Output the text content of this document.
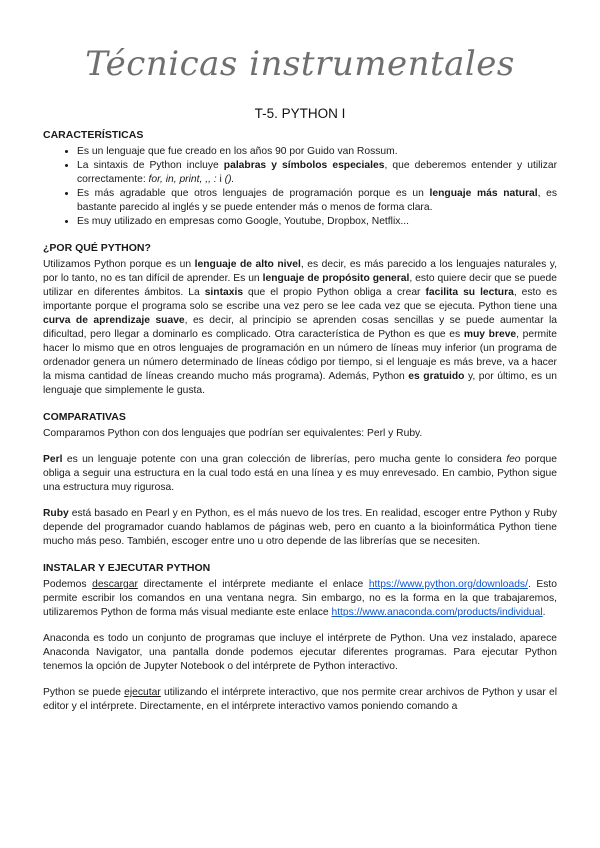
Técnicas instrumentales
T-5. PYTHON I
CARACTERÍSTICAS
• Es un lenguaje que fue creado en los años 90 por Guido van Rossum.
• La sintaxis de Python incluye palabras y símbolos especiales, que deberemos entender y utilizar correctamente: for, in, print, ,, : i ().
• Es más agradable que otros lenguajes de programación porque es un lenguaje más natural, es bastante parecido al inglés y se puede entender más o menos de forma clara.
• Es muy utilizado en empresas como Google, Youtube, Dropbox, Netflix...
¿POR QUÉ PYTHON?

Utilizamos Python porque es un lenguaje de alto nivel, es decir, es más parecido a los lenguajes naturales y, por lo tanto, no es tan difícil de aprender. Es un lenguaje de propósito general, esto quiere decir que se puede utilizar en diferentes ámbitos. La sintaxis que el propio Python obliga a crear facilita su lectura, esto es importante porque el programa solo se escribe una vez pero se lee cada vez que se ejecuta. Python tiene una curva de aprendizaje suave, es decir, al principio se aprenden cosas sencillas y se puede aumentar la dificultad, pero llegar a dominarlo es complicado. Otra característica de Python es que es muy breve, permite hacer lo mismo que en otros lenguajes de programación en un número de líneas muy inferior (un programa de ordenador genera un número determinado de líneas código por tiempo, si el lenguaje es más breve, va a hacer la misma cantidad de líneas creando mucho más programa). Además, Python es gratuido y, por último, es un lenguaje que simplemente le gusta.

COMPARATIVAS

Comparamos Python con dos lenguajes que podrían ser equivalentes: Perl y Ruby.

Perl es un lenguaje potente con una gran colección de librerías, pero mucha gente lo considera feo porque obliga a seguir una estructura en la cual todo está en una línea y es muy enrevesado. En cambio, Python sigue una estructura muy rigurosa.

Ruby está basado en Pearl y en Python, es el más nuevo de los tres. En realidad, escoger entre Python y Ruby depende del programador cuando hablamos de páginas web, pero en cuanto a la bioinformática Python tiene mucho más peso. También, escoger entre uno u otro depende de las librerías que se necesiten.

INSTALAR Y EJECUTAR PYTHON

Podemos descargar directamente el intérprete mediante el enlace https://www.python.org/downloads/. Esto permite escribir los comandos en una ventana negra. Sin embargo, no es la forma en la que trabajaremos, utilizaremos Python de forma más visual mediante este enlace https://www.anaconda.com/products/individual.

Anaconda es todo un conjunto de programas que incluye el intérprete de Python. Una vez instalado, aparece Anaconda Navigator, una pantalla donde podemos ejecutar diferentes programas. Para ejecutar Python tenemos la opción de Jupyter Notebook o del intérprete de Python interactivo.

Python se puede ejecutar utilizando el intérprete interactivo, que nos permite crear archivos de Python y usar el editor y el intérprete. Directamente, en el intérprete interactivo vamos poniendo comando a
